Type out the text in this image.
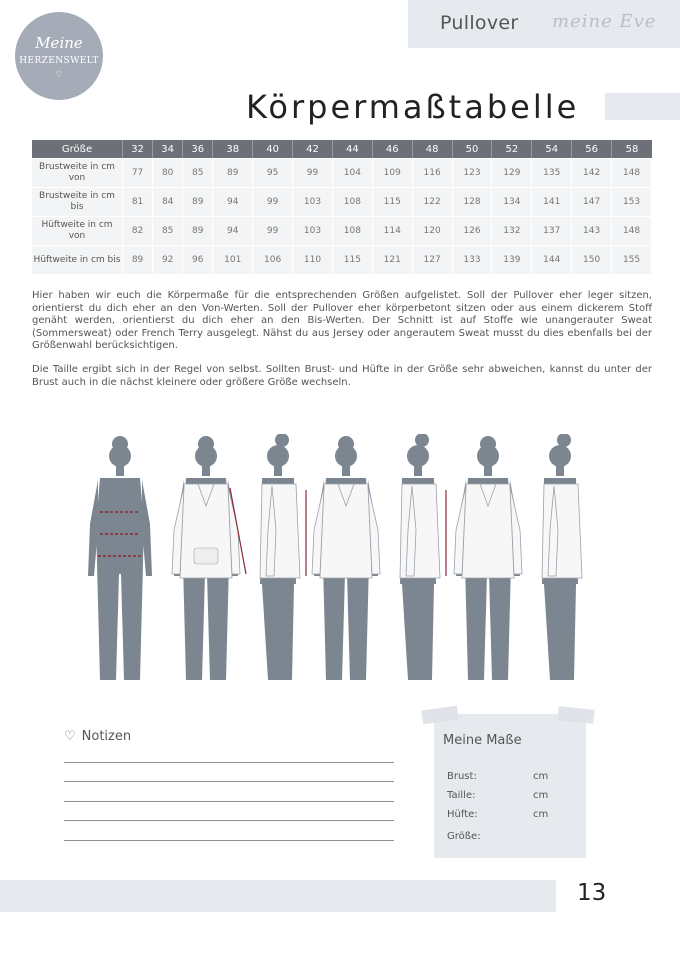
Pullover meine Eve
Meine
HERZENSWELT
♡
Körpermaßtabelle
Größe	32	34	36	38	40	42	44	46	48	50	52	54	56	58
Brustweite in cm von	77	80	85	89	95	99	104	109	116	123	129	135	142	148
Brustweite in cm bis	81	84	89	94	99	103	108	115	122	128	134	141	147	153
Hüftweite in cm von	82	85	89	94	99	103	108	114	120	126	132	137	143	148
Hüftweite in cm bis	89	92	96	101	106	110	115	121	127	133	139	144	150	155
Hier haben wir euch die Körpermaße für die entsprechenden Größen aufgelistet. Soll der Pullover eher leger sitzen, orientierst du dich eher an den Von-Werten. Soll der Pullover eher körperbetont sitzen oder aus einem dickerem Stoff genäht werden, orientierst du dich eher an den Bis-Werten. Der Schnitt ist auf Stoffe wie unangerauter Sweat (Sommersweat) oder French Terry ausgelegt. Nähst du aus Jersey oder angerautem Sweat musst du dies ebenfalls bei der Größenwahl berücksichtigen.
Die Taille ergibt sich in der Regel von selbst. Sollten Brust- und Hüfte in der Größe sehr abweichen, kannst du unter der Brust auch in die nächst kleinere oder größere Größe wechseln.
♡ Notizen	Meine Maße
Brust:	cm
Taille:	cm
Hüfte:	cm
Größe:
13
